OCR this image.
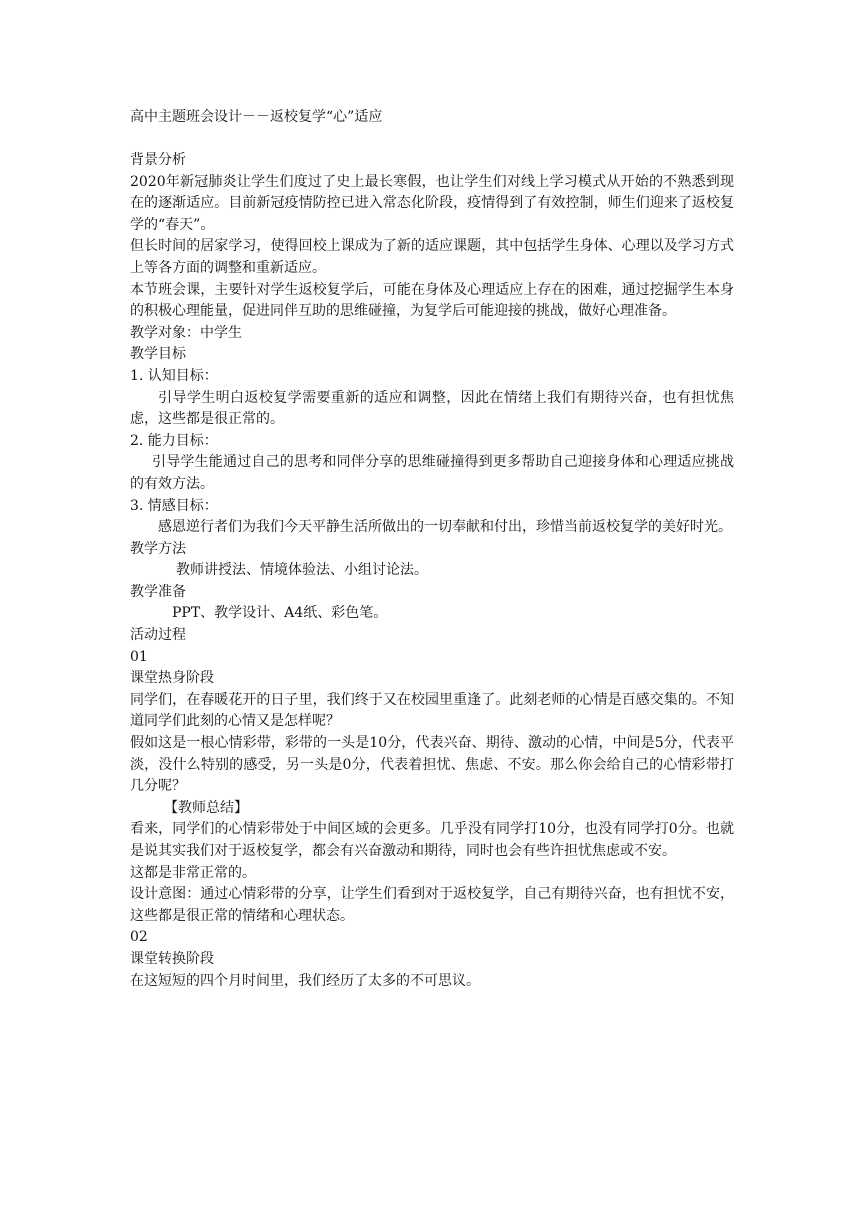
高中主题班会设计－－返校复学“心”适应

背景分析

2020年新冠肺炎让学生们度过了史上最长寒假，也让学生们对线上学习模式从开始的不熟悉到现在的逐渐适应。目前新冠疫情防控已进入常态化阶段，疫情得到了有效控制，师生们迎来了返校复学的“春天”。

但长时间的居家学习，使得回校上课成为了新的适应课题，其中包括学生身体、心理以及学习方式上等各方面的调整和重新适应。

本节班会课，主要针对学生返校复学后，可能在身体及心理适应上存在的困难，通过挖掘学生本身的积极心理能量，促进同伴互助的思维碰撞，为复学后可能迎接的挑战，做好心理准备。

教学对象：中学生

教学目标

1. 认知目标：

引导学生明白返校复学需要重新的适应和调整，因此在情绪上我们有期待兴奋，也有担忧焦虑，这些都是很正常的。

2. 能力目标：

引导学生能通过自己的思考和同伴分享的思维碰撞得到更多帮助自己迎接身体和心理适应挑战的有效方法。

3. 情感目标：

感恩逆行者们为我们今天平静生活所做出的一切奉献和付出，珍惜当前返校复学的美好时光。

教学方法

教师讲授法、情境体验法、小组讨论法。

教学准备

PPT、教学设计、A4纸、彩色笔。

活动过程

01

课堂热身阶段

同学们，在春暖花开的日子里，我们终于又在校园里重逢了。此刻老师的心情是百感交集的。不知道同学们此刻的心情又是怎样呢？

假如这是一根心情彩带，彩带的一头是10分，代表兴奋、期待、激动的心情，中间是5分，代表平淡，没什么特别的感受，另一头是0分，代表着担忧、焦虑、不安。那么你会给自己的心情彩带打几分呢？

【教师总结】

看来，同学们的心情彩带处于中间区域的会更多。几乎没有同学打10分，也没有同学打0分。也就是说其实我们对于返校复学，都会有兴奋激动和期待，同时也会有些许担忧焦虑或不安。

这都是非常正常的。

设计意图：通过心情彩带的分享，让学生们看到对于返校复学，自己有期待兴奋，也有担忧不安，这些都是很正常的情绪和心理状态。

02

课堂转换阶段

在这短短的四个月时间里，我们经历了太多的不可思议。
